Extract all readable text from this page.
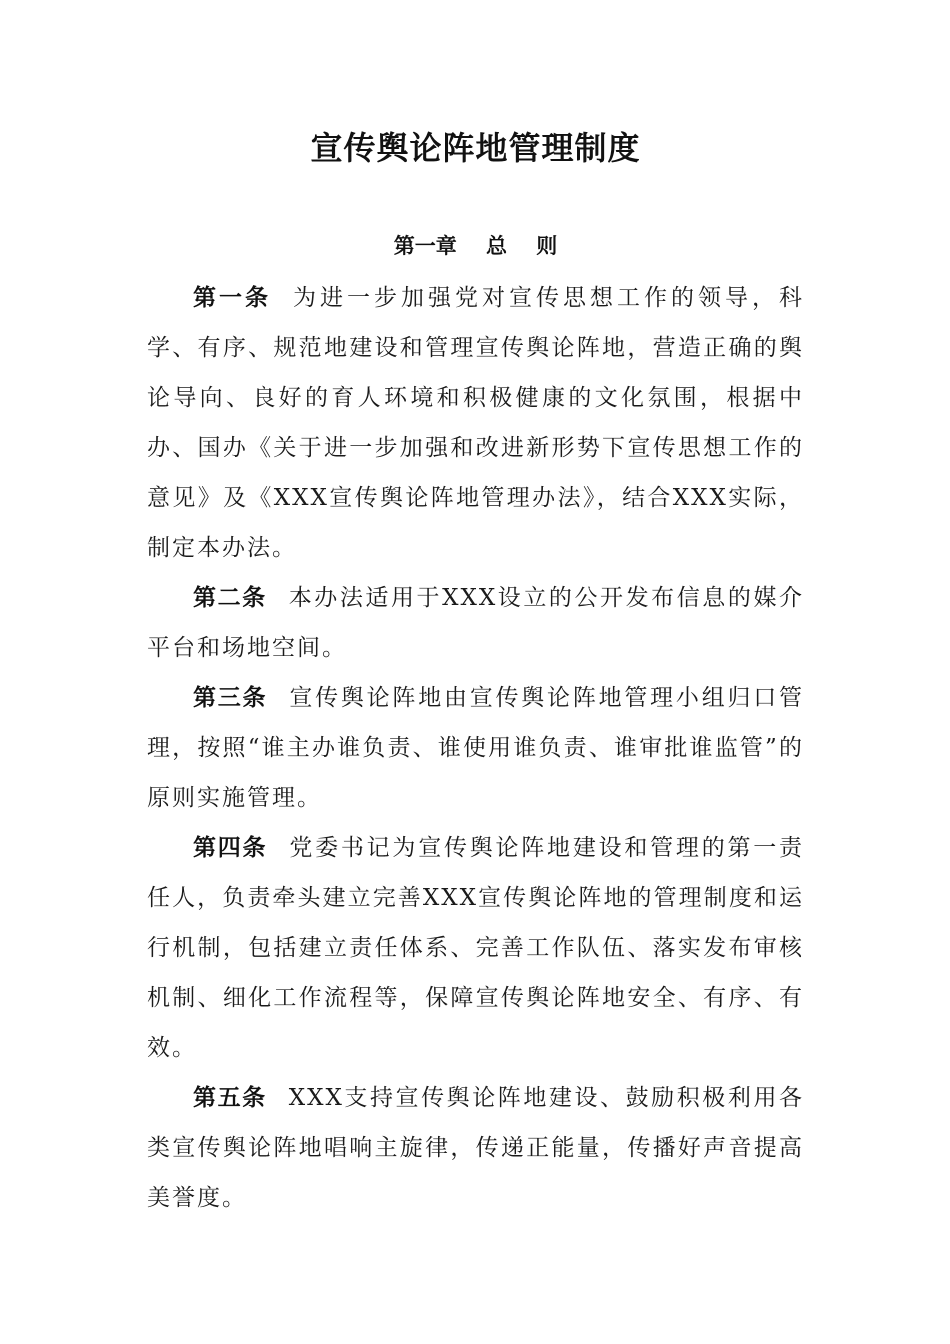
宣传舆论阵地管理制度
第一章    总    则

第一条 为进一步加强党对宣传思想工作的领导，科学、有序、规范地建设和管理宣传舆论阵地，营造正确的舆论导向、良好的育人环境和积极健康的文化氛围，根据中办、国办《关于进一步加强和改进新形势下宣传思想工作的意见》及《XXX宣传舆论阵地管理办法》，结合XXX实际，制定本办法。

第二条 本办法适用于XXX设立的公开发布信息的媒介平台和场地空间。

第三条 宣传舆论阵地由宣传舆论阵地管理小组归口管理，按照“谁主办谁负责、谁使用谁负责、谁审批谁监管”的原则实施管理。

第四条 党委书记为宣传舆论阵地建设和管理的第一责任人，负责牵头建立完善XXX宣传舆论阵地的管理制度和运行机制，包括建立责任体系、完善工作队伍、落实发布审核机制、细化工作流程等，保障宣传舆论阵地安全、有序、有效。

第五条 XXX支持宣传舆论阵地建设、鼓励积极利用各类宣传舆论阵地唱响主旋律，传递正能量，传播好声音提高美誉度。
